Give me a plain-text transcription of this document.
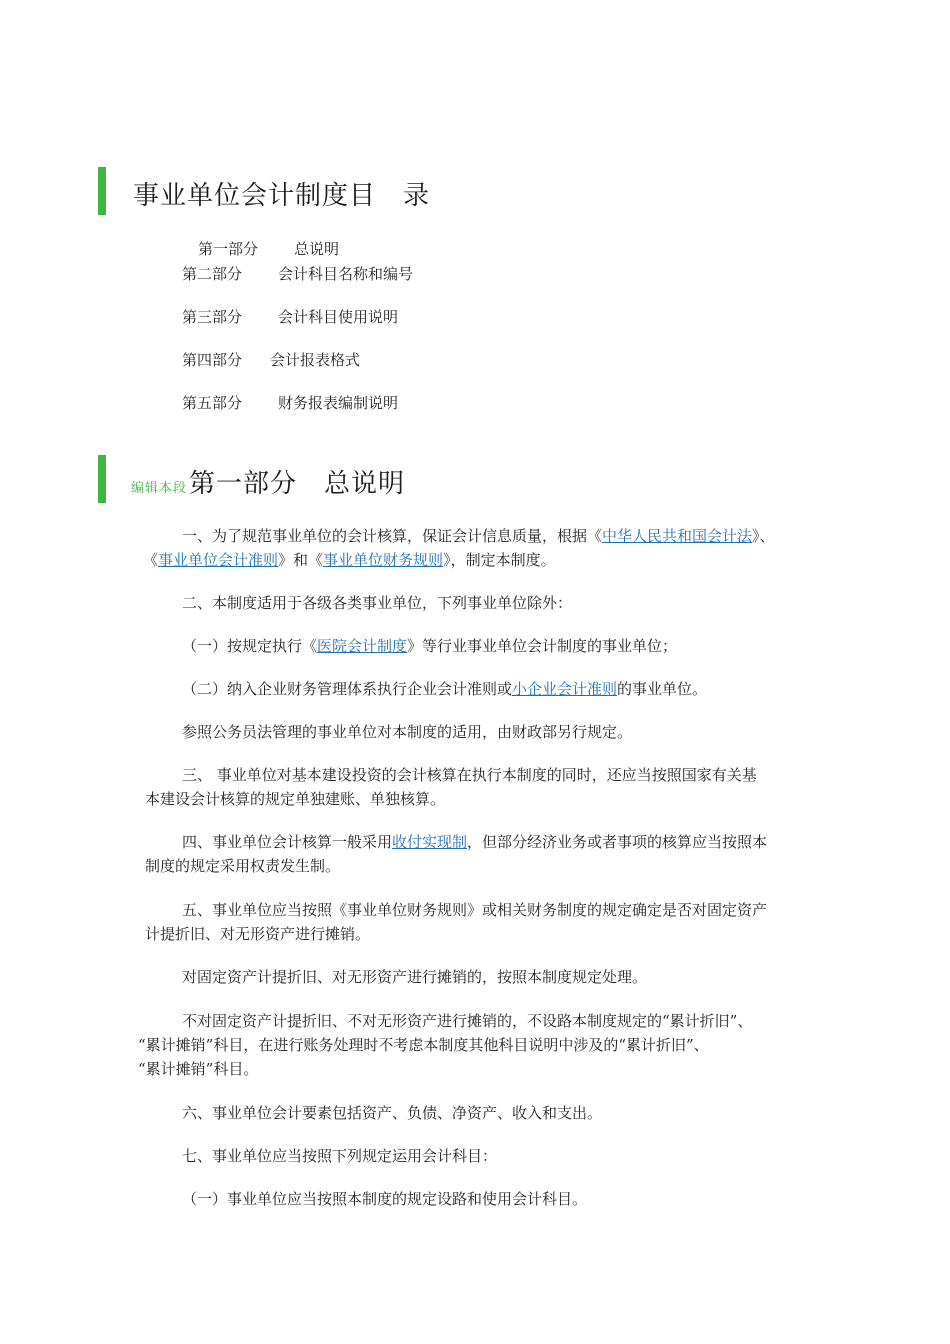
事业单位会计制度目　录
第一部分 总说明
第二部分 会计科目名称和编号
第三部分 会计科目使用说明
第四部分 会计报表格式
第五部分 财务报表编制说明
编辑本段第一部分　总说明
一、为了规范事业单位的会计核算，保证会计信息质量，根据《中华人民共和国会计法》、
《事业单位会计准则》和《事业单位财务规则》，制定本制度。
二、本制度适用于各级各类事业单位，下列事业单位除外：
（一）按规定执行《医院会计制度》等行业事业单位会计制度的事业单位；
（二）纳入企业财务管理体系执行企业会计准则或小企业会计准则的事业单位。
参照公务员法管理的事业单位对本制度的适用，由财政部另行规定。
三、 事业单位对基本建设投资的会计核算在执行本制度的同时，还应当按照国家有关基
本建设会计核算的规定单独建账、单独核算。
四、事业单位会计核算一般采用收付实现制，但部分经济业务或者事项的核算应当按照本
制度的规定采用权责发生制。
五、事业单位应当按照《事业单位财务规则》或相关财务制度的规定确定是否对固定资产
计提折旧、对无形资产进行摊销。
对固定资产计提折旧、对无形资产进行摊销的，按照本制度规定处理。
不对固定资产计提折旧、不对无形资产进行摊销的，不设路本制度规定的“累计折旧”、
“累计摊销”科目，在进行账务处理时不考虑本制度其他科目说明中涉及的“累计折旧”、
“累计摊销”科目。
六、事业单位会计要素包括资产、负债、净资产、收入和支出。
七、事业单位应当按照下列规定运用会计科目：
（一）事业单位应当按照本制度的规定设路和使用会计科目。
